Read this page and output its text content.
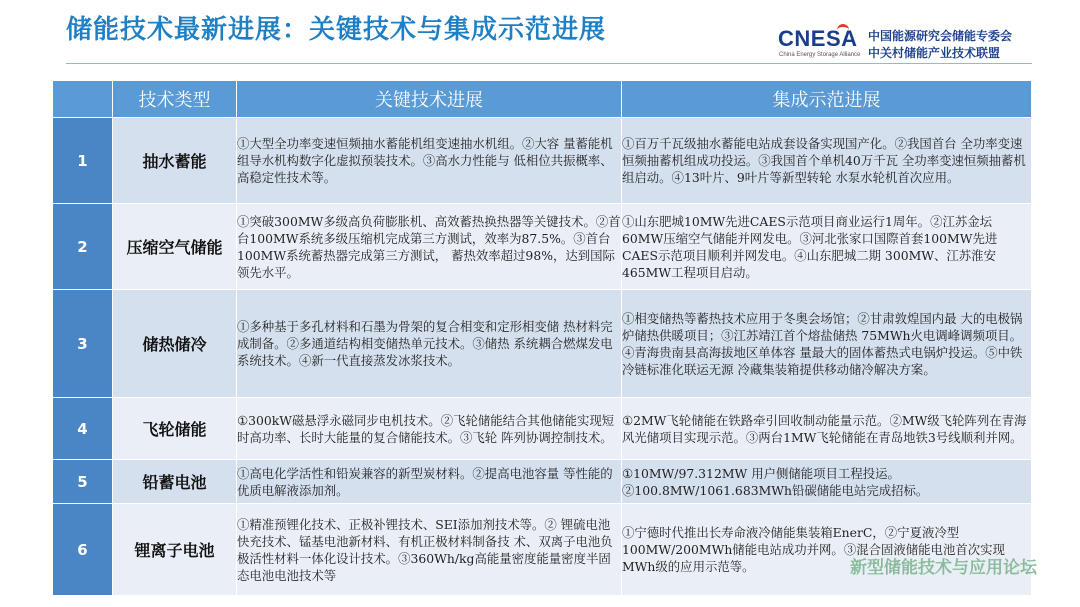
储能技术最新进展：关键技术与集成示范进展	CNESA
China Energy Storage Alliance
中国能源研究会储能专委会
中关村储能产业技术联盟
	技术类型	关键技术进展	集成示范进展
1	抽水蓄能	①大型全功率变速恒频抽水蓄能机组变速抽水机组。②大容 量蓄能机组导水机构数字化虚拟预装技术。③高水力性能与 低相位共振概率、高稳定性技术等。	①百万千瓦级抽水蓄能电站成套设备实现国产化。②我国首台 全功率变速恒频抽蓄机组成功投运。③我国首个单机40万千瓦 全功率变速恒频抽蓄机组启动。④13叶片、9叶片等新型转轮 水泵水轮机首次应用。

2	压缩空气储能	①突破300MW多级高负荷膨胀机、高效蓄热换热器等关键技术。②首台100MW系统多级压缩机完成第三方测试，效率为87.5%。③首台100MW系统蓄热器完成第三方测试， 蓄热效率超过98%，达到国际领先水平。	①山东肥城10MW先进CAES示范项目商业运行1周年。②江苏金坛60MW压缩空气储能并网发电。③河北张家口国際首套100MW先进CAES示范项目顺利并网发电。④山东肥城二期 300MW、江苏淮安465MW工程项目启动。

3	储热储冷	①多种基于多孔材料和石墨为骨架的复合相变和定形相变储 热材料完成制备。②多通道结构相变储热单元技术。③储热 系统耦合燃煤发电系统技术。④新一代直接蒸发冰浆技术。	①相变储热等蓄热技术应用于冬奥会场馆；②甘肃敦煌国内最 大的电极锅炉储热供暖项目；③江苏靖江首个熔盐储热 75MWh火电调峰调频项目。④青海贵南县高海拔地区单体容 量最大的固体蓄热式电锅炉投运。⑤中铁冷链标准化联运无源 冷藏集装箱提供移动储冷解决方案。

4	飞轮储能	①300kW磁悬浮永磁同步电机技术。②飞轮储能结合其他储能实现短时高功率、长时大能量的复合储能技术。③飞轮 阵列协调控制技术。	①2MW飞轮储能在铁路牵引回收制动能量示范。②MW级飞轮阵列在青海风光储项目实现示范。③两台1MW飞轮储能在青岛地铁3号线顺利并网。

5	铅蓄电池	①高电化学活性和铅炭兼容的新型炭材料。②提高电池容量 等性能的优质电解液添加剂。	①10MW/97.312MW 用户侧储能项目工程投运。②100.8MW/1061.683MWh铅碳储能电站完成招标。

6	锂离子电池	①精准预锂化技术、正极补锂技术、SEI添加剂技术等。② 锂硫电池快充技术、锰基电池新材料、有机正极材料制备技 术、双离子电池负极活性材料一体化设计技术。③360Wh/kg高能量密度能量密度半固态电池电池技术等	①宁德时代推出长寿命液冷储能集装箱EnerC，②宁夏液冷型 100MW/200MWh储能电站成功并网。③混合固液储能电池首次实现MWh级的应用示范等。	新型储能技术与应用论坛
